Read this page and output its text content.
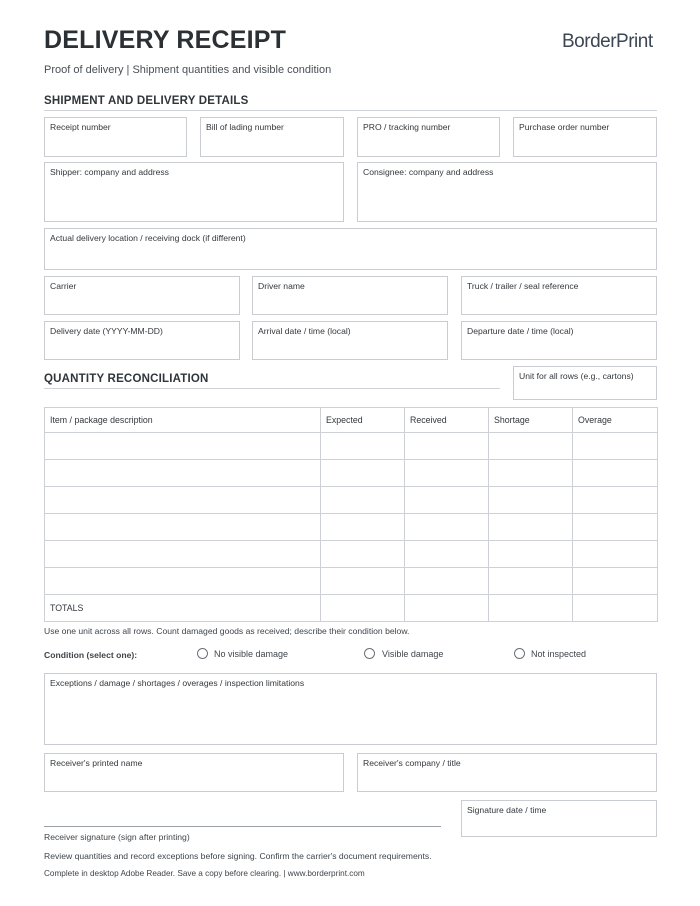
DELIVERY RECEIPT	BorderPrint
Proof of delivery | Shipment quantities and visible condition
SHIPMENT AND DELIVERY DETAILS
Receipt number	Bill of lading number	PRO / tracking number	Purchase order number
Shipper: company and address	Consignee: company and address
Actual delivery location / receiving dock (if different)
Carrier	Driver name	Truck / trailer / seal reference
Delivery date (YYYY-MM-DD)	Arrival date / time (local)	Departure date / time (local)
QUANTITY RECONCILIATION	Unit for all rows (e.g., cartons)
Item / package description	Expected	Received	Shortage	Overage

TOTALS				
Use one unit across all rows. Count damaged goods as received; describe their condition below.
Condition (select one):	No visible damage	Visible damage	Not inspected
Exceptions / damage / shortages / overages / inspection limitations
Receiver's printed name	Receiver's company / title
Signature date / time
Receiver signature (sign after printing)
Review quantities and record exceptions before signing. Confirm the carrier's document requirements.
Complete in desktop Adobe Reader. Save a copy before clearing. | www.borderprint.com
